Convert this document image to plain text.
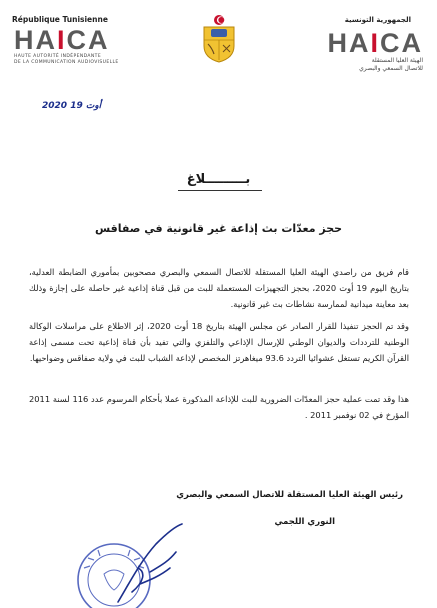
République Tunisienne
HAICA
HAUTE AUTORITÉ INDÉPENDANTE
DE LA COMMUNICATION AUDIOVISUELLE
الجمهورية التونسية
HAICA
الهيئة العليا المستقلة
للاتصال السمعي والبصري
2020 أوت 19
بـــــــــلاغ
حجز معدّات بث إذاعة غير قانونية في صفاقس
قام فريق من راصدي الهيئة العليا المستقلة للاتصال السمعي والبصري مصحوبين بمأموري الضابطة العدلية، بتاريخ اليوم 19 أوت 2020، بحجز التجهيزات المستعملة للبث من قبل قناة إذاعية غير حاصلة على إجازة وذلك بعد معاينة ميدانية لممارسة نشاطات بث غير قانونية.
وقد تم الحجز تنفيذا للقرار الصادر عن مجلس الهيئة بتاريخ 18 أوت 2020، إثر الاطلاع على مراسلات الوكالة الوطنية للترددات والديوان الوطني للإرسال الإذاعي والتلفزي والتي تفيد بأن قناة إذاعية تحت مسمى إذاعة القرآن الكريم تستغل عشوائيا التردد 93.6 ميغاهرتز المخصص لإذاعة الشباب للبث في ولاية صفاقس وضواحيها.
هذا وقد تمت عملية حجز المعدّات الضرورية للبث للإذاعة المذكورة عملا بأحكام المرسوم عدد 116 لسنة 2011 المؤرخ في 02 نوفمبر 2011 .
رئيس الهيئة العليا المستقلة للاتصال السمعي والبصري
النوري اللجمي
